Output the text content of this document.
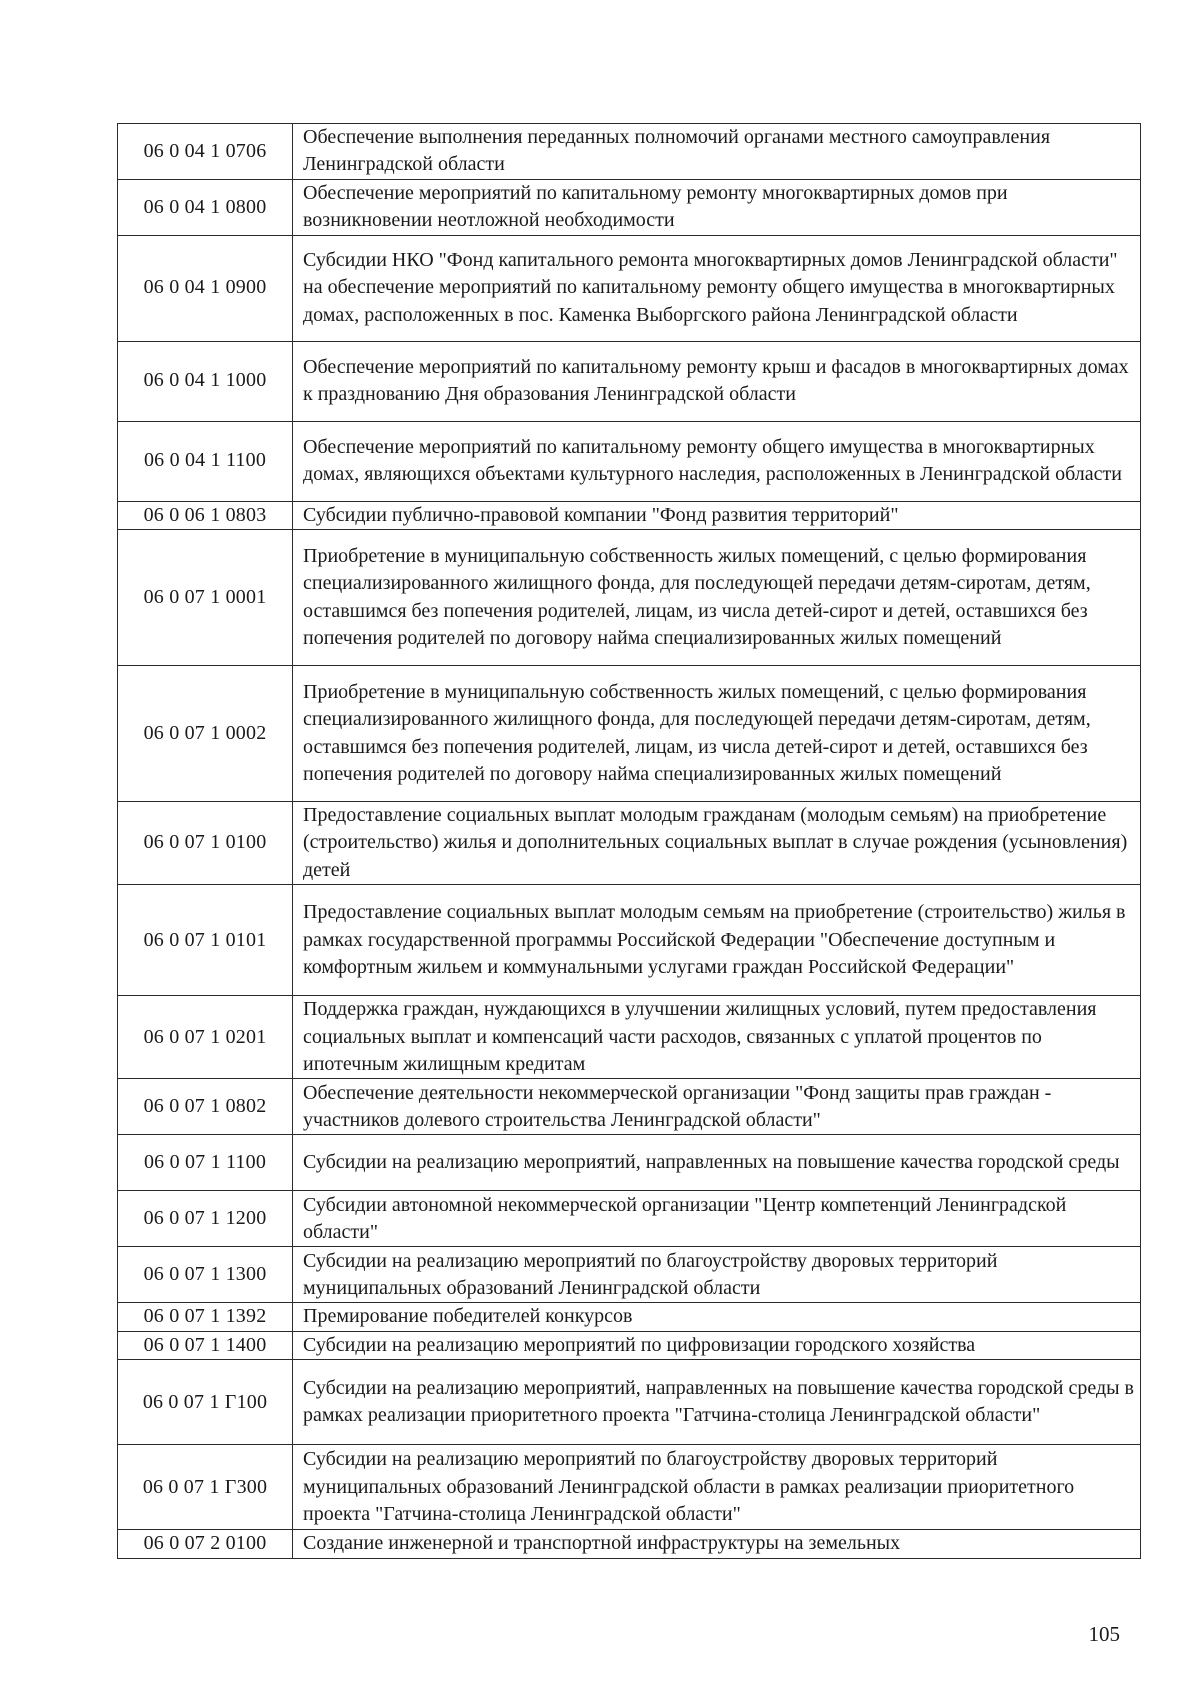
06 0 04 1 0706	Обеспечение выполнения переданных полномочий органами местного самоуправления Ленинградской области
06 0 04 1 0800	Обеспечение мероприятий по капитальному ремонту многоквартирных домов при возникновении неотложной необходимости
06 0 04 1 0900	Субсидии НКО "Фонд капитального ремонта многоквартирных домов Ленинградской области" на обеспечение мероприятий по капитальному ремонту общего имущества в многоквартирных домах, расположенных в пос. Каменка Выборгского района Ленинградской области
06 0 04 1 1000	Обеспечение мероприятий по капитальному ремонту крыш и фасадов в многоквартирных домах к празднованию Дня образования Ленинградской области
06 0 04 1 1100	Обеспечение мероприятий по капитальному ремонту общего имущества в многоквартирных домах, являющихся объектами культурного наследия, расположенных в Ленинградской области
06 0 06 1 0803	Субсидии публично-правовой компании "Фонд развития территорий"
06 0 07 1 0001	Приобретение в муниципальную собственность жилых помещений, с целью формирования специализированного жилищного фонда, для последующей передачи детям-сиротам, детям, оставшимся без попечения родителей, лицам, из числа детей-сирот и детей, оставшихся без попечения родителей по договору найма специализированных жилых помещений
06 0 07 1 0002	Приобретение в муниципальную собственность жилых помещений, с целью формирования специализированного жилищного фонда, для последующей передачи детям-сиротам, детям, оставшимся без попечения родителей, лицам, из числа детей-сирот и детей, оставшихся без попечения родителей по договору найма специализированных жилых помещений
06 0 07 1 0100	Предоставление социальных выплат молодым гражданам (молодым семьям) на приобретение (строительство) жилья и дополнительных социальных выплат в случае рождения (усыновления) детей
06 0 07 1 0101	Предоставление социальных выплат молодым семьям на приобретение (строительство) жилья в рамках государственной программы Российской Федерации "Обеспечение доступным и комфортным жильем и коммунальными услугами граждан Российской Федерации"
06 0 07 1 0201	Поддержка граждан, нуждающихся в улучшении жилищных условий, путем предоставления социальных выплат и компенсаций части расходов, связанных с уплатой процентов по ипотечным жилищным кредитам
06 0 07 1 0802	Обеспечение деятельности некоммерческой организации "Фонд защиты прав граждан - участников долевого строительства Ленинградской области"
06 0 07 1 1100	Субсидии на реализацию мероприятий, направленных на повышение качества городской среды
06 0 07 1 1200	Субсидии автономной некоммерческой организации "Центр компетенций Ленинградской области"
06 0 07 1 1300	Субсидии на реализацию мероприятий по благоустройству дворовых территорий муниципальных образований Ленинградской области
06 0 07 1 1392	Премирование победителей конкурсов
06 0 07 1 1400	Субсидии на реализацию мероприятий по цифровизации городского хозяйства
06 0 07 1 Г100	Субсидии на реализацию мероприятий, направленных на повышение качества городской среды в рамках реализации приоритетного проекта "Гатчина-столица Ленинградской области"
06 0 07 1 Г300	Субсидии на реализацию мероприятий по благоустройству дворовых территорий муниципальных образований Ленинградской области в рамках реализации приоритетного проекта "Гатчина-столица Ленинградской области"
06 0 07 2 0100	Создание инженерной и транспортной инфраструктуры на земельных
105
